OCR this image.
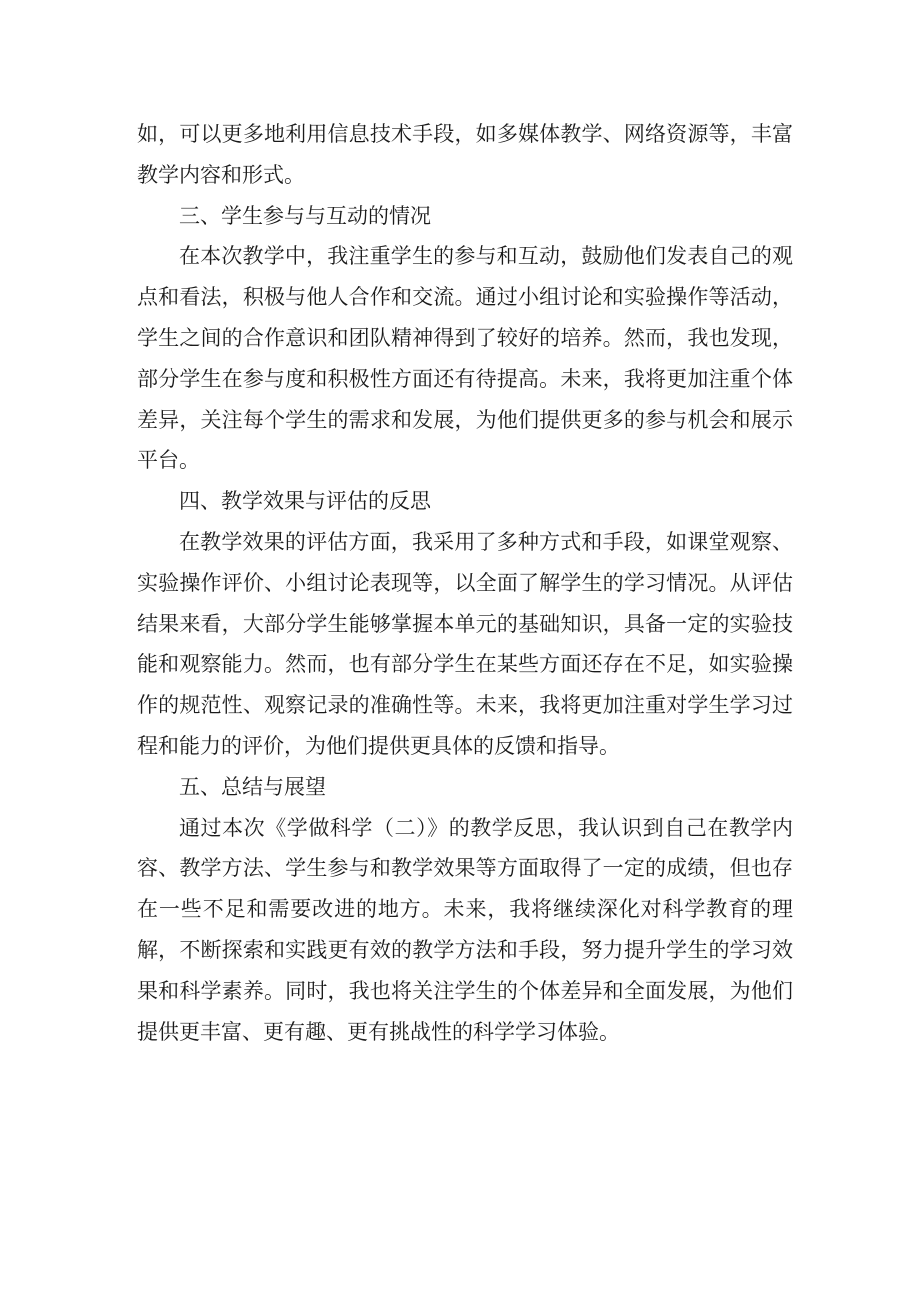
如，可以更多地利用信息技术手段，如多媒体教学、网络资源等，丰富教学内容和形式。

三、学生参与与互动的情况

在本次教学中，我注重学生的参与和互动，鼓励他们发表自己的观点和看法，积极与他人合作和交流。通过小组讨论和实验操作等活动，学生之间的合作意识和团队精神得到了较好的培养。然而，我也发现，部分学生在参与度和积极性方面还有待提高。未来，我将更加注重个体差异，关注每个学生的需求和发展，为他们提供更多的参与机会和展示平台。

四、教学效果与评估的反思

在教学效果的评估方面，我采用了多种方式和手段，如课堂观察、实验操作评价、小组讨论表现等，以全面了解学生的学习情况。从评估结果来看，大部分学生能够掌握本单元的基础知识，具备一定的实验技能和观察能力。然而，也有部分学生在某些方面还存在不足，如实验操作的规范性、观察记录的准确性等。未来，我将更加注重对学生学习过程和能力的评价，为他们提供更具体的反馈和指导。

五、总结与展望

通过本次《学做科学（二）》的教学反思，我认识到自己在教学内容、教学方法、学生参与和教学效果等方面取得了一定的成绩，但也存在一些不足和需要改进的地方。未来，我将继续深化对科学教育的理解，不断探索和实践更有效的教学方法和手段，努力提升学生的学习效果和科学素养。同时，我也将关注学生的个体差异和全面发展，为他们提供更丰富、更有趣、更有挑战性的科学学习体验。
